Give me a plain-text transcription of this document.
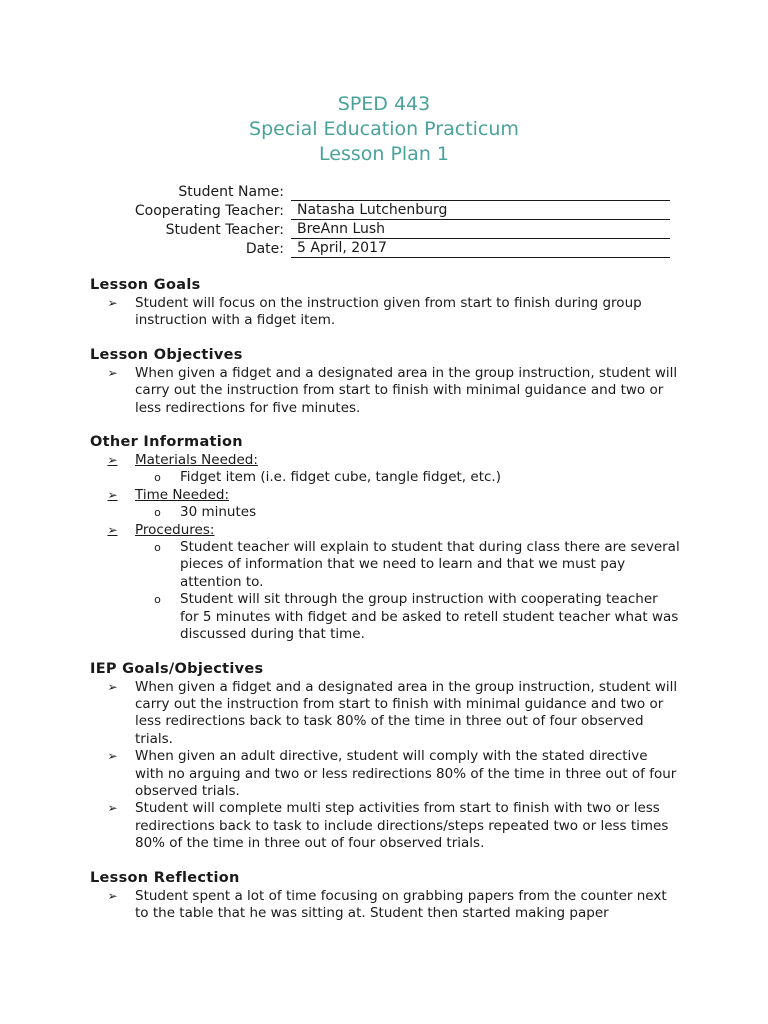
SPED 443
Special Education Practicum
Lesson Plan 1
Student Name:
Cooperating Teacher: Natasha Lutchenburg
Student Teacher: BreAnn Lush
Date: 5 April, 2017
Lesson Goals
➢	Student will focus on the instruction given from start to finish during group instruction with a fidget item.
Lesson Objectives
➢	When given a fidget and a designated area in the group instruction, student will carry out the instruction from start to finish with minimal guidance and two or less redirections for five minutes.
Other Information
➢	Materials Needed:
o	Fidget item (i.e. fidget cube, tangle fidget, etc.)
➢	Time Needed:
o	30 minutes
➢	Procedures:
o	Student teacher will explain to student that during class there are several pieces of information that we need to learn and that we must pay attention to.
o	Student will sit through the group instruction with cooperating teacher for 5 minutes with fidget and be asked to retell student teacher what was discussed during that time.
IEP Goals/Objectives
➢	When given a fidget and a designated area in the group instruction, student will carry out the instruction from start to finish with minimal guidance and two or less redirections back to task 80% of the time in three out of four observed trials.
➢	When given an adult directive, student will comply with the stated directive with no arguing and two or less redirections 80% of the time in three out of four observed trials.
➢	Student will complete multi step activities from start to finish with two or less redirections back to task to include directions/steps repeated two or less times 80% of the time in three out of four observed trials.
Lesson Reflection
➢	Student spent a lot of time focusing on grabbing papers from the counter next to the table that he was sitting at. Student then started making paper
